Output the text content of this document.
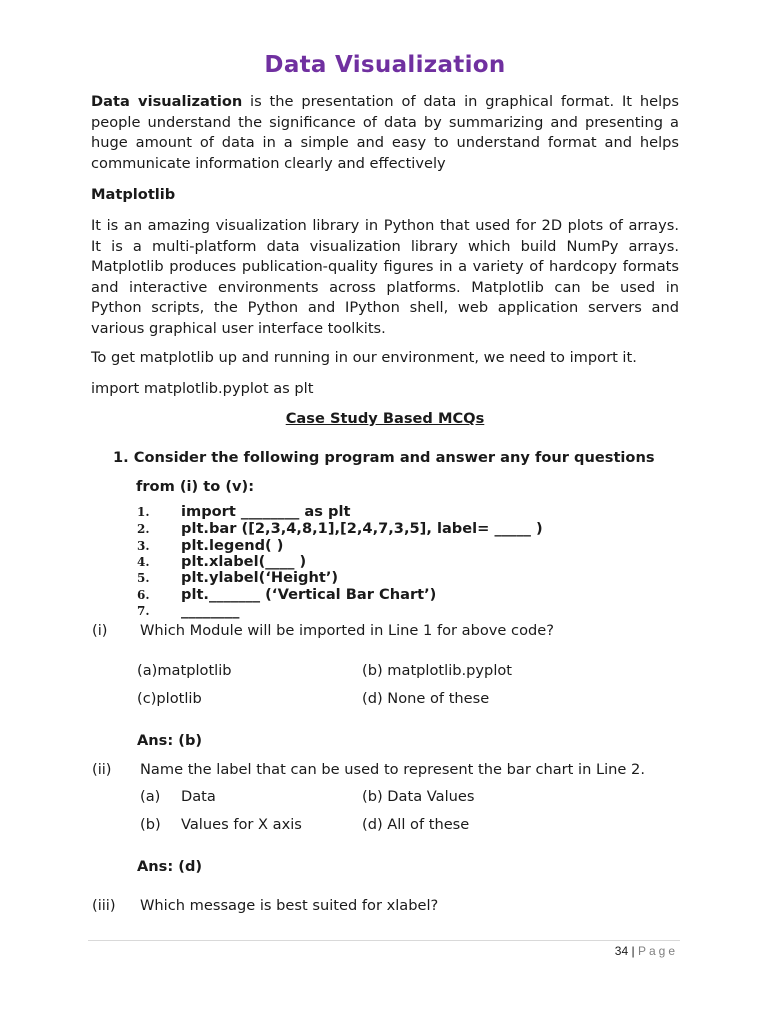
Data Visualization

Data visualization is the presentation of data in graphical format. It helps people understand the significance of data by summarizing and presenting a huge amount of data in a simple and easy to understand format and helps communicate information clearly and effectively

Matplotlib

It is an amazing visualization library in Python that used for 2D plots of arrays. It is a multi-platform data visualization library which build NumPy arrays. Matplotlib produces publication-quality figures in a variety of hardcopy formats and interactive environments across platforms. Matplotlib can be used in Python scripts, the Python and IPython shell, web application servers and various graphical user interface toolkits.

To get matplotlib up and running in our environment, we need to import it.
import matplotlib.pyplot as plt
Case Study Based MCQs
1. Consider the following program and answer any four questions
from (i) to (v):
1. import ________ as plt
2. plt.bar ([2,3,4,8,1],[2,4,7,3,5], label= _____ )
3. plt.legend( )
4. plt.xlabel(____ )
5. plt.ylabel(‘Height’)
6. plt._______ (‘Vertical Bar Chart’)
7. ________
(i) Which Module will be imported in Line 1 for above code?
(a)matplotlib	(b) matplotlib.pyplot
(c)plotlib	(d) None of these
Ans: (b)
(ii) Name the label that can be used to represent the bar chart in Line 2.
(a) Data	(b) Data Values
(b) Values for X axis	(d) All of these
Ans: (d)
(iii) Which message is best suited for xlabel?
34 | Page
